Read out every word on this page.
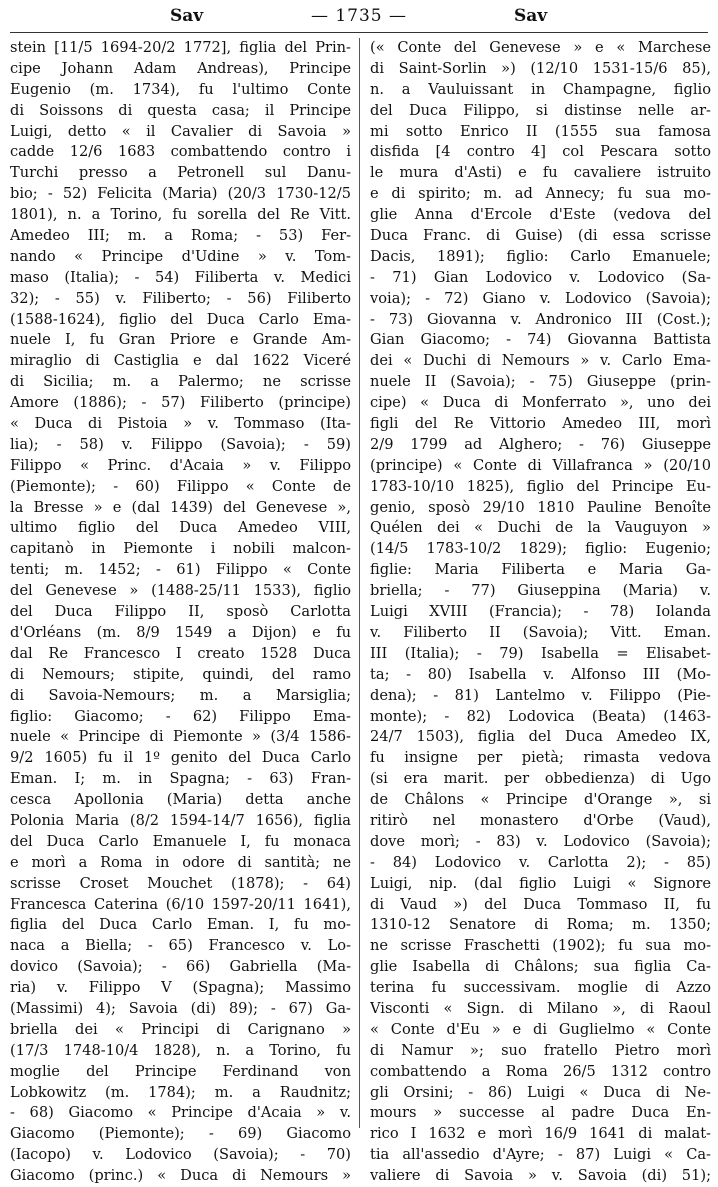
Sav	— 1735 —	Sav
stein [11/5 1694-20/2 1772], figlia del Prin-
cipe Johann Adam Andreas), Principe
Eugenio (m. 1734), fu l'ultimo Conte
di Soissons di questa casa; il Principe
Luigi, detto « il Cavalier di Savoia »
cadde 12/6 1683 combattendo contro i
Turchi presso a Petronell sul Danu-
bio; - 52) Felicita (Maria) (20/3 1730-12/5
1801), n. a Torino, fu sorella del Re Vitt.
Amedeo III; m. a Roma; - 53) Fer-
nando « Principe d'Udine » v. Tom-
maso (Italia); - 54) Filiberta v. Medici
32); - 55) v. Filiberto; - 56) Filiberto
(1588-1624), figlio del Duca Carlo Ema-
nuele I, fu Gran Priore e Grande Am-
miraglio di Castiglia e dal 1622 Viceré
di Sicilia; m. a Palermo; ne scrisse
Amore (1886); - 57) Filiberto (principe)
« Duca di Pistoia » v. Tommaso (Ita-
lia); - 58) v. Filippo (Savoia); - 59)
Filippo « Princ. d'Acaia » v. Filippo
(Piemonte); - 60) Filippo « Conte de
la Bresse » e (dal 1439) del Genevese »,
ultimo figlio del Duca Amedeo VIII,
capitanò in Piemonte i nobili malcon-
tenti; m. 1452; - 61) Filippo « Conte
del Genevese » (1488-25/11 1533), figlio
del Duca Filippo II, sposò Carlotta
d'Orléans (m. 8/9 1549 a Dijon) e fu
dal Re Francesco I creato 1528 Duca
di Nemours; stipite, quindi, del ramo
di Savoia-Nemours; m. a Marsiglia;
figlio: Giacomo; - 62) Filippo Ema-
nuele « Principe di Piemonte » (3/4 1586-
9/2 1605) fu il 1º genito del Duca Carlo
Eman. I; m. in Spagna; - 63) Fran-
cesca Apollonia (Maria) detta anche
Polonia Maria (8/2 1594-14/7 1656), figlia
del Duca Carlo Emanuele I, fu monaca
e morì a Roma in odore di santità; ne
scrisse Croset Mouchet (1878); - 64)
Francesca Caterina (6/10 1597-20/11 1641),
figlia del Duca Carlo Eman. I, fu mo-
naca a Biella; - 65) Francesco v. Lo-
dovico (Savoia); - 66) Gabriella (Ma-
ria) v. Filippo V (Spagna); Massimo
(Massimi) 4); Savoia (di) 89); - 67) Ga-
briella dei « Principi di Carignano »
(17/3 1748-10/4 1828), n. a Torino, fu
moglie del Principe Ferdinand von
Lobkowitz (m. 1784); m. a Raudnitz;
- 68) Giacomo « Principe d'Acaia » v.
Giacomo (Piemonte); - 69) Giacomo
(Iacopo) v. Lodovico (Savoia); - 70)
Giacomo (princ.) « Duca di Nemours »
(« Conte del Genevese » e « Marchese
di Saint-Sorlin ») (12/10 1531-15/6 85),
n. a Vauluissant in Champagne, figlio
del Duca Filippo, si distinse nelle ar-
mi sotto Enrico II (1555 sua famosa
disfida [4 contro 4] col Pescara sotto
le mura d'Asti) e fu cavaliere istruito
e di spirito; m. ad Annecy; fu sua mo-
glie Anna d'Ercole d'Este (vedova del
Duca Franc. di Guise) (di essa scrisse
Dacis, 1891); figlio: Carlo Emanuele;
- 71) Gian Lodovico v. Lodovico (Sa-
voia); - 72) Giano v. Lodovico (Savoia);
- 73) Giovanna v. Andronico III (Cost.);
Gian Giacomo; - 74) Giovanna Battista
dei « Duchi di Nemours » v. Carlo Ema-
nuele II (Savoia); - 75) Giuseppe (prin-
cipe) « Duca di Monferrato », uno dei
figli del Re Vittorio Amedeo III, morì
2/9 1799 ad Alghero; - 76) Giuseppe
(principe) « Conte di Villafranca » (20/10
1783-10/10 1825), figlio del Principe Eu-
genio, sposò 29/10 1810 Pauline Benoîte
Quélen dei « Duchi de la Vauguyon »
(14/5 1783-10/2 1829); figlio: Eugenio;
figlie: Maria Filiberta e Maria Ga-
briella; - 77) Giuseppina (Maria) v.
Luigi XVIII (Francia); - 78) Iolanda
v. Filiberto II (Savoia); Vitt. Eman.
III (Italia); - 79) Isabella = Elisabet-
ta; - 80) Isabella v. Alfonso III (Mo-
dena); - 81) Lantelmo v. Filippo (Pie-
monte); - 82) Lodovica (Beata) (1463-
24/7 1503), figlia del Duca Amedeo IX,
fu insigne per pietà; rimasta vedova
(si era marit. per obbedienza) di Ugo
de Châlons « Principe d'Orange », si
ritirò nel monastero d'Orbe (Vaud),
dove morì; - 83) v. Lodovico (Savoia);
- 84) Lodovico v. Carlotta 2); - 85)
Luigi, nip. (dal figlio Luigi « Signore
di Vaud ») del Duca Tommaso II, fu
1310-12 Senatore di Roma; m. 1350;
ne scrisse Fraschetti (1902); fu sua mo-
glie Isabella di Châlons; sua figlia Ca-
terina fu successivam. moglie di Azzo
Visconti « Sign. di Milano », di Raoul
« Conte d'Eu » e di Guglielmo « Conte
di Namur »; suo fratello Pietro morì
combattendo a Roma 26/5 1312 contro
gli Orsini; - 86) Luigi « Duca di Ne-
mours » successe al padre Duca En-
rico I 1632 e morì 16/9 1641 di malat-
tia all'assedio d'Ayre; - 87) Luigi « Ca-
valiere di Savoia » v. Savoia (di) 51);
